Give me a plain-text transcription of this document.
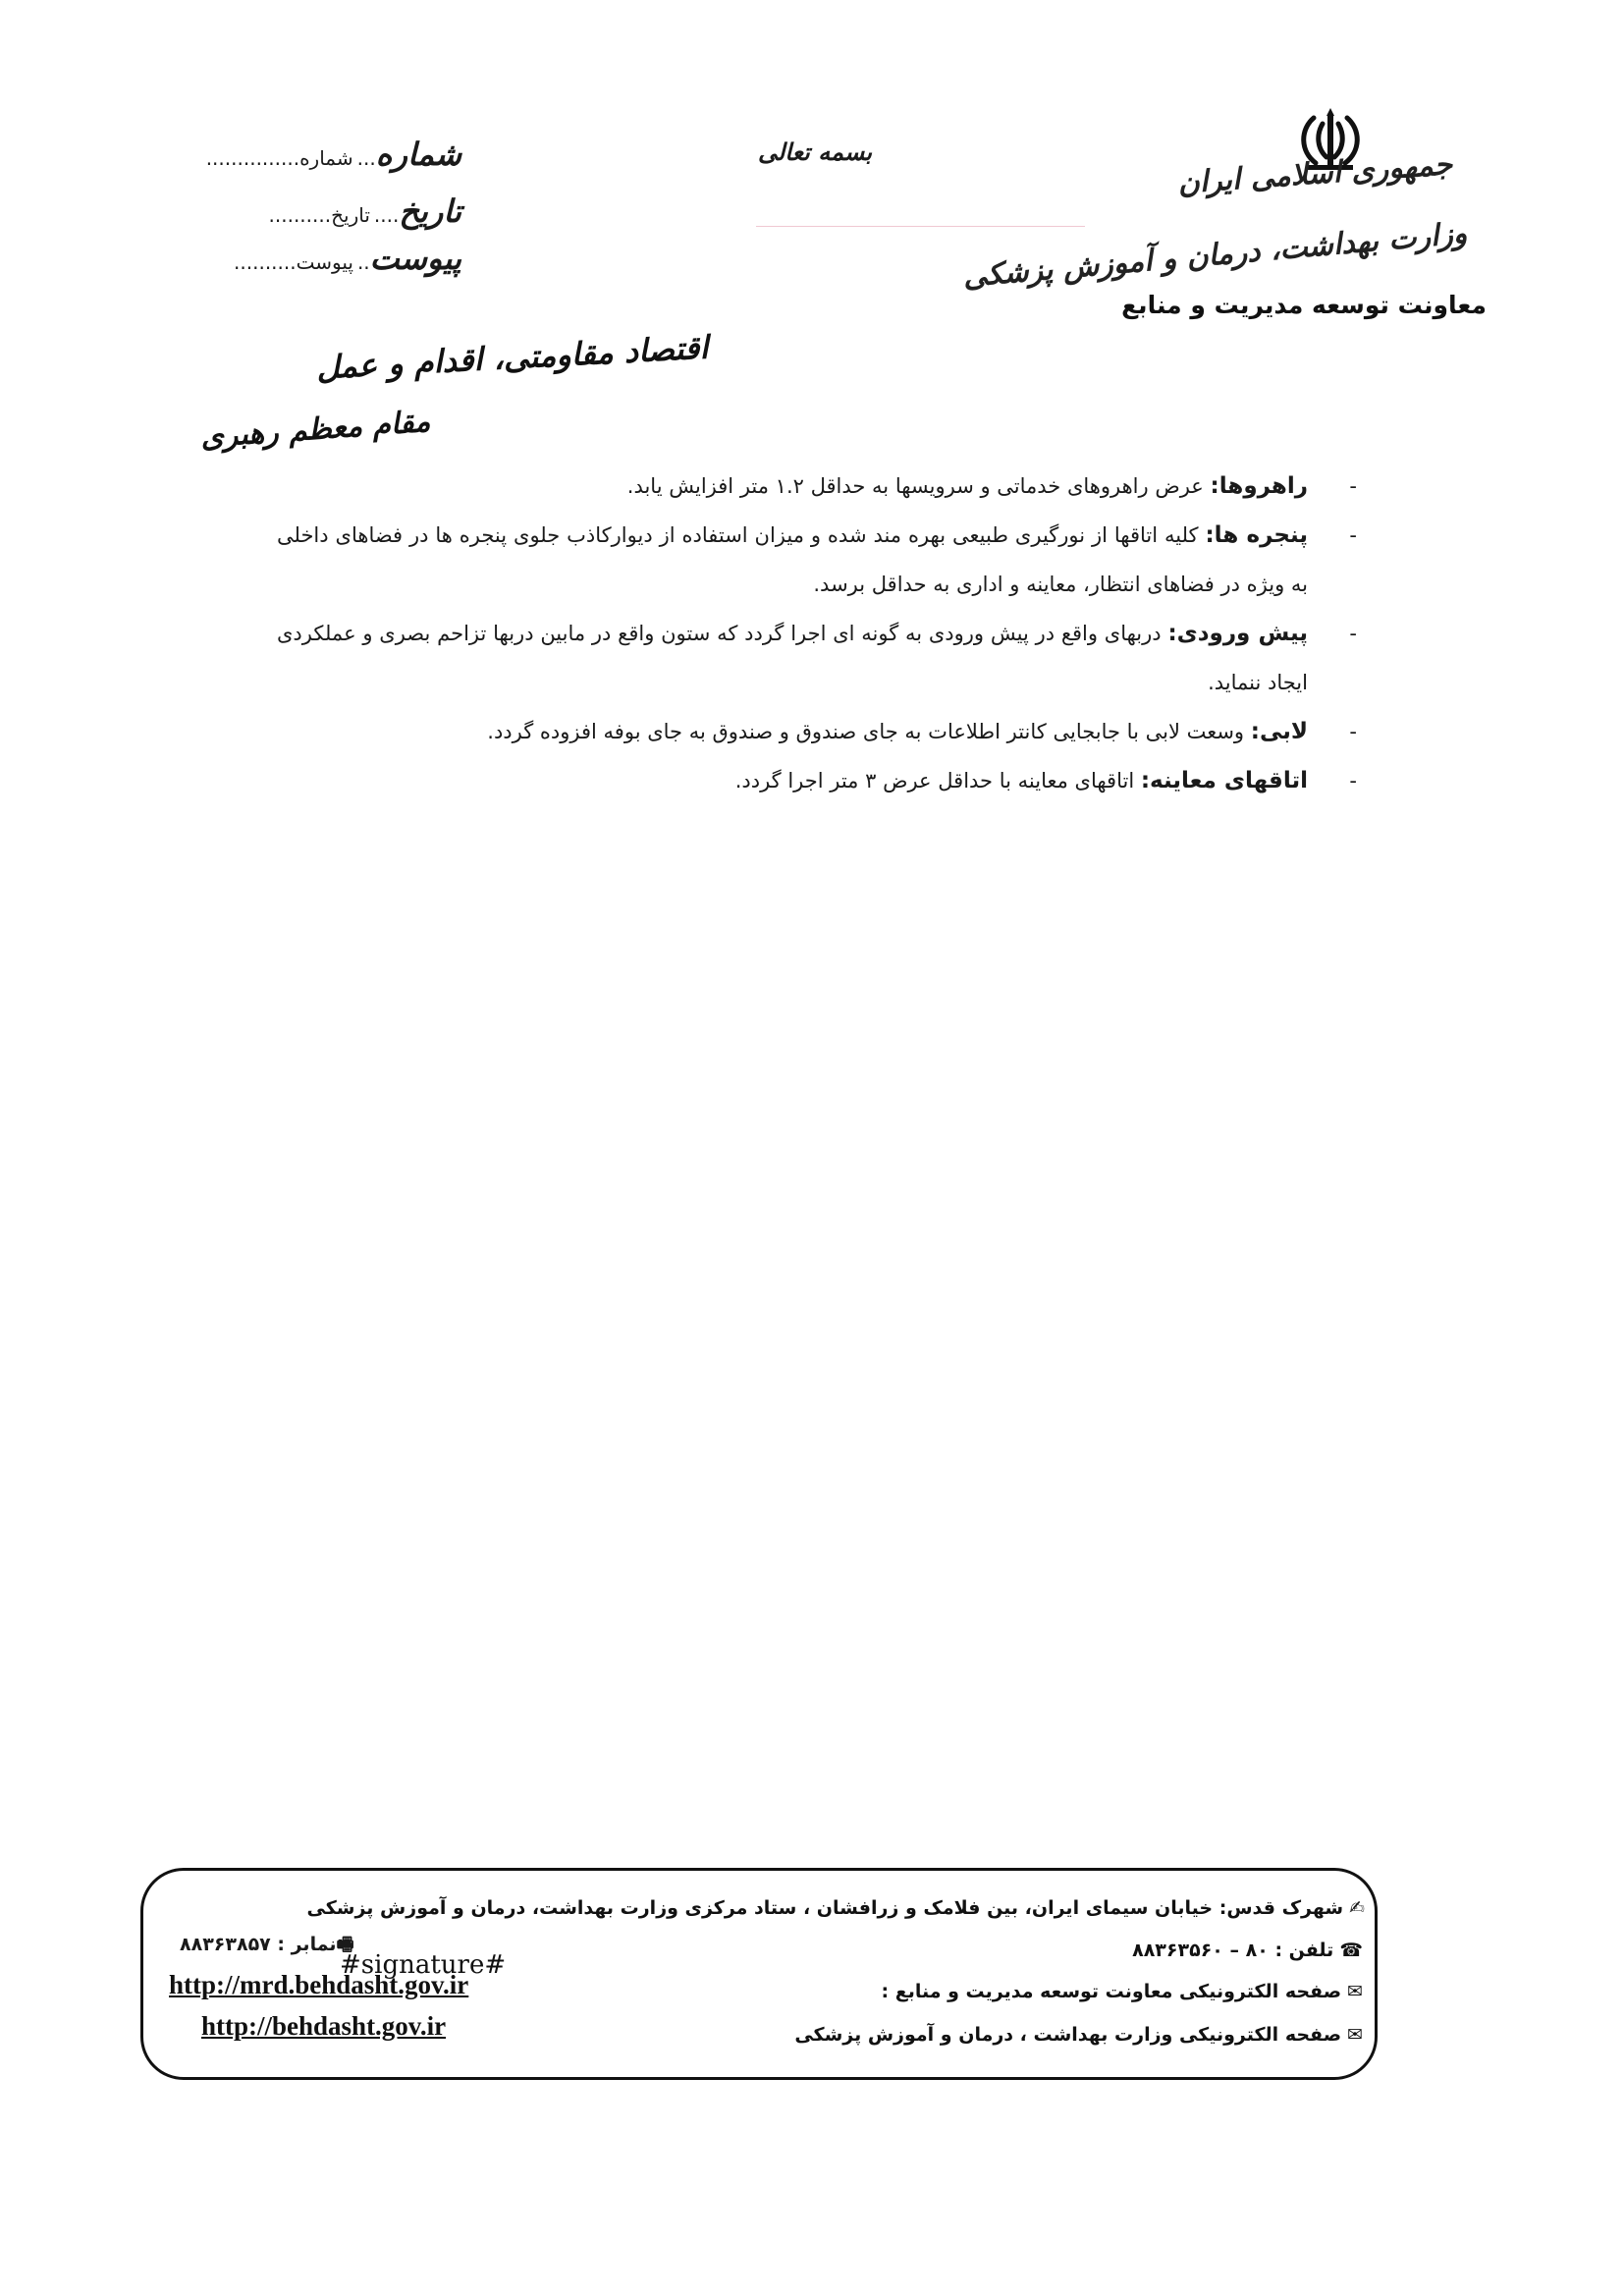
جمهوری اسلامی ایران
وزارت بهداشت، درمان و آموزش پزشکی
معاونت توسعه مدیریت و منابع
بسمه تعالی
شماره...شماره...............
تاریخ....تاریخ..........
پیوست..پیوست..........
اقتصاد مقاومتی، اقدام و عمل
مقام معظم رهبری
-
راهروها: عرض راهروهای خدماتی و سرویسها به حداقل ۱.۲ متر افزایش یابد.
-
پنجره ها: کلیه اتاقها از نورگیری طبیعی بهره مند شده و میزان استفاده از دیوارکاذب جلوی پنجره ها در فضاهای داخلی به ویژه در فضاهای انتظار، معاینه و اداری به حداقل برسد.
-
پیش ورودی: دربهای واقع در پیش ورودی به گونه ای اجرا گردد که ستون واقع در مابین دربها تزاحم بصری و عملکردی ایجاد ننماید.
-
لابی: وسعت لابی با جابجایی کانتر اطلاعات به جای صندوق و صندوق به جای بوفه افزوده گردد.
-
اتاقهای معاینه: اتاقهای معاینه با حداقل عرض ۳ متر اجرا گردد.
✍شهرک قدس: خیابان سیمای ایران، بین فلامک و زرافشان ، ستاد مرکزی وزارت بهداشت، درمان و آموزش پزشکی
☎تلفن : ۸۰ – ۸۸۳۶۳۵۶۰
✉صفحه الکترونیکی معاونت توسعه مدیریت و منابع :
✉صفحه الکترونیکی وزارت بهداشت ، درمان و آموزش پزشکی
🖷نمابر : ۸۸۳۶۳۸۵۷
#signature#
http://mrd.behdasht.gov.ir
http://behdasht.gov.ir
